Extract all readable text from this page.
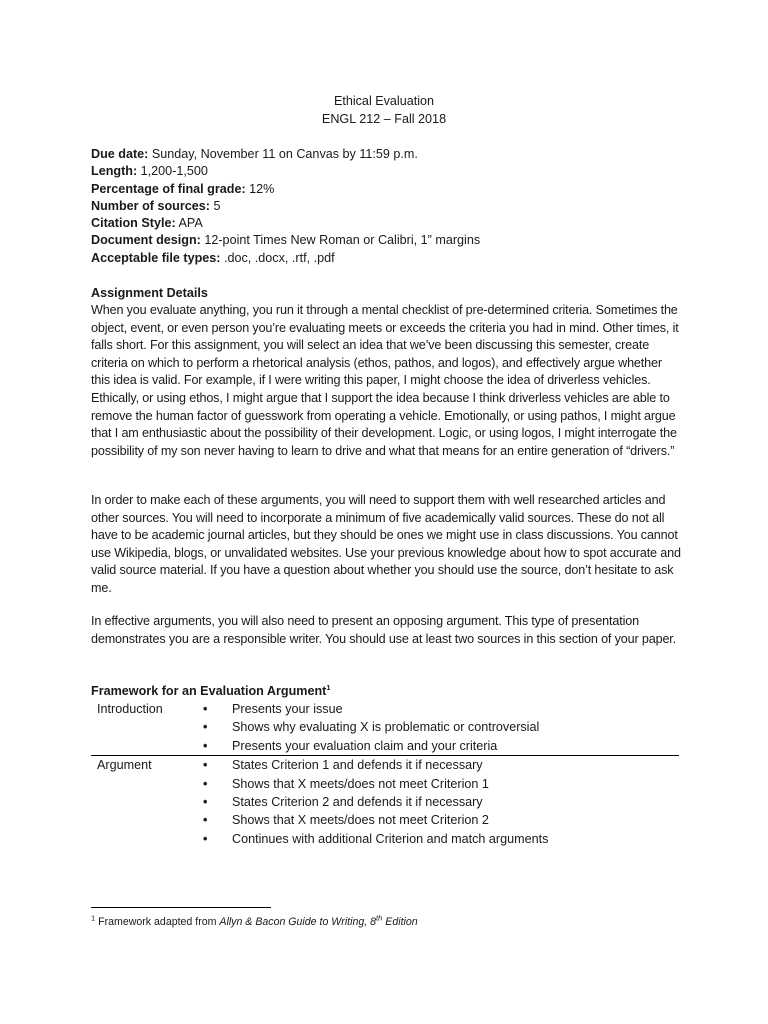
Ethical Evaluation
ENGL 212 – Fall 2018
Due date: Sunday, November 11 on Canvas by 11:59 p.m.
Length: 1,200-1,500
Percentage of final grade: 12%
Number of sources: 5
Citation Style: APA
Document design: 12-point Times New Roman or Calibri, 1” margins
Acceptable file types: .doc, .docx, .rtf, .pdf
Assignment Details

When you evaluate anything, you run it through a mental checklist of pre-determined criteria. Sometimes the object, event, or even person you’re evaluating meets or exceeds the criteria you had in mind. Other times, it falls short. For this assignment, you will select an idea that we’ve been discussing this semester, create criteria on which to perform a rhetorical analysis (ethos, pathos, and logos), and effectively argue whether this idea is valid. For example, if I were writing this paper, I might choose the idea of driverless vehicles. Ethically, or using ethos, I might argue that I support the idea because I think driverless vehicles are able to remove the human factor of guesswork from operating a vehicle. Emotionally, or using pathos, I might argue that I am enthusiastic about the possibility of their development. Logic, or using logos, I might interrogate the possibility of my son never having to learn to drive and what that means for an entire generation of “drivers.”

In order to make each of these arguments, you will need to support them with well researched articles and other sources. You will need to incorporate a minimum of five academically valid sources. These do not all have to be academic journal articles, but they should be ones we might use in class discussions. You cannot use Wikipedia, blogs, or unvalidated websites. Use your previous knowledge about how to spot accurate and valid source material. If you have a question about whether you should use the source, don’t hesitate to ask me.

In effective arguments, you will also need to present an opposing argument. This type of presentation demonstrates you are a responsible writer. You should use at least two sources in this section of your paper.

Framework for an Evaluation Argument$^1$
Introduction	• Presents your issue
• Shows why evaluating X is problematic or controversial
• Presents your evaluation claim and your criteria
Argument	• States Criterion 1 and defends it if necessary
• Shows that X meets/does not meet Criterion 1
• States Criterion 2 and defends it if necessary
• Shows that X meets/does not meet Criterion 2
• Continues with additional Criterion and match arguments
$^1$ Framework adapted from Allyn & Bacon Guide to Writing, 8th Edition
